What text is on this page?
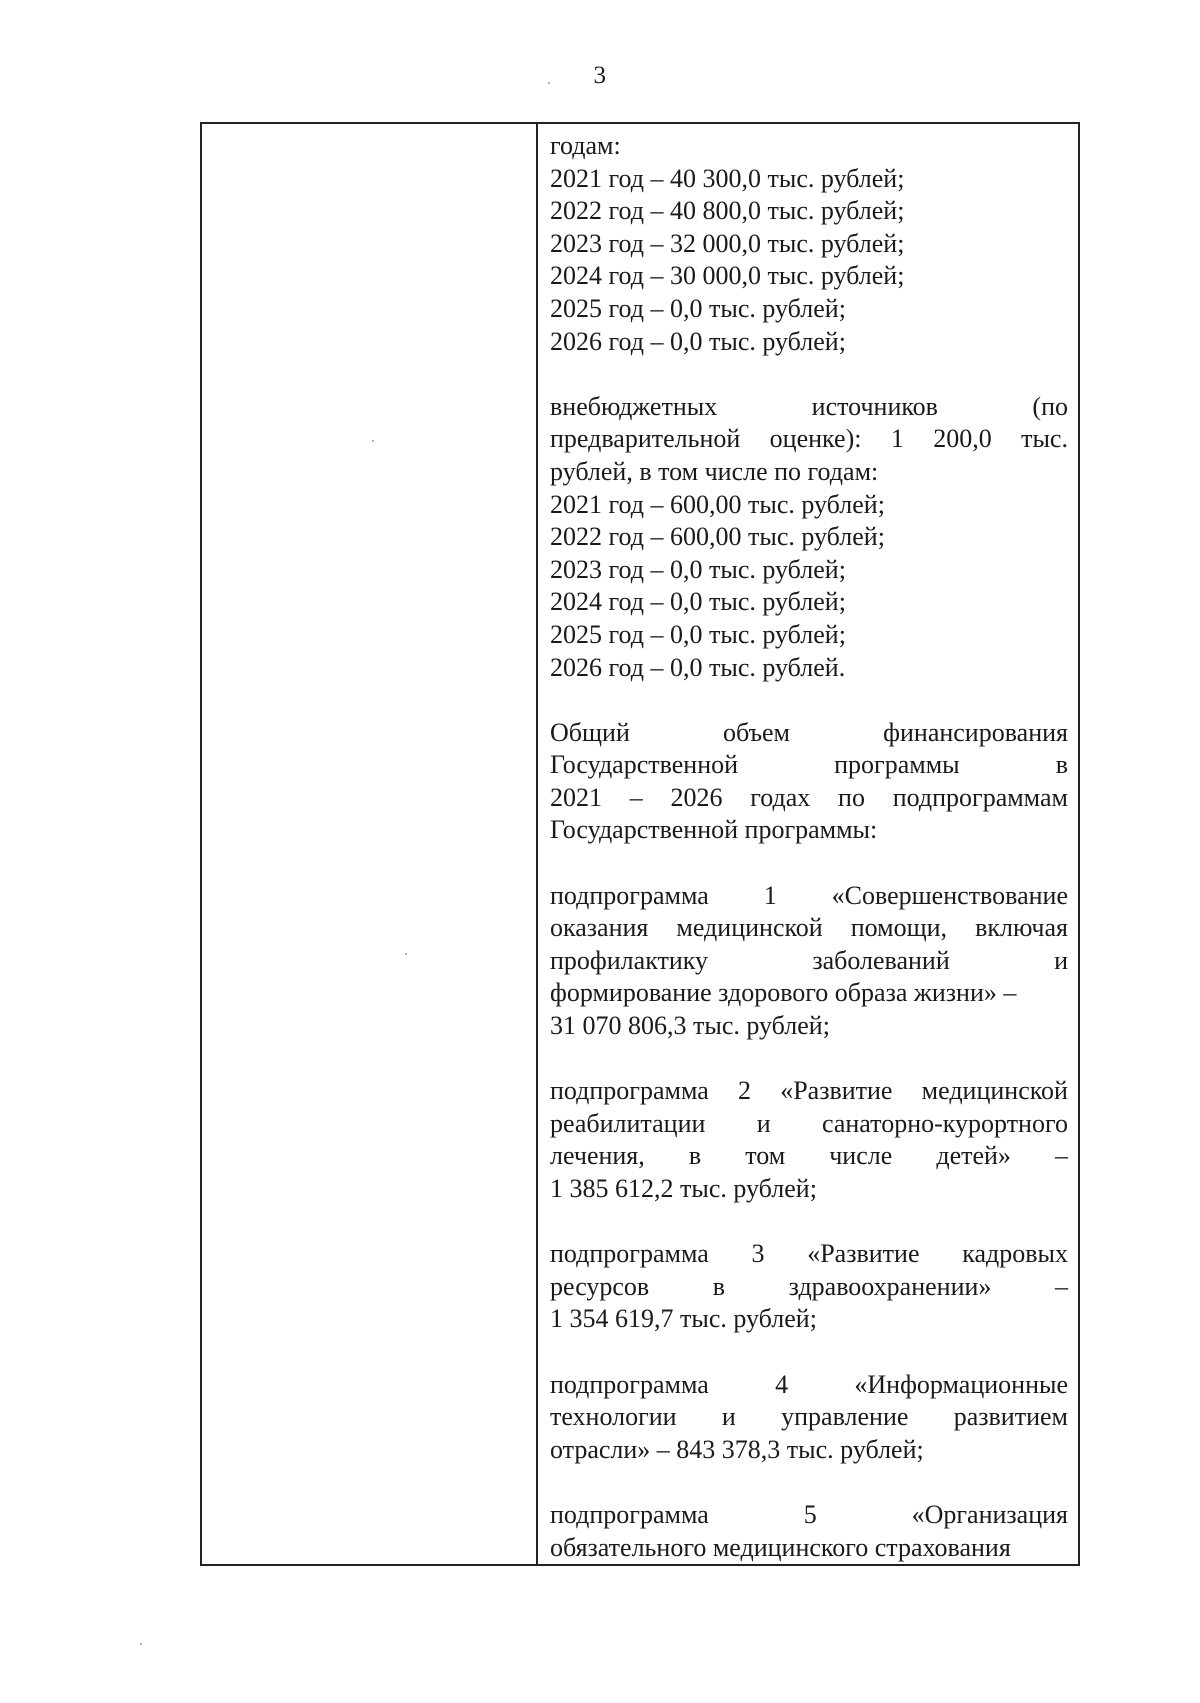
3

годам:

2021 год – 40 300,0 тыс. рублей;

2022 год – 40 800,0 тыс. рублей;

2023 год – 32 000,0 тыс. рублей;

2024 год – 30 000,0 тыс. рублей;

2025 год – 0,0 тыс. рублей;

2026 год – 0,0 тыс. рублей;

внебюджетных	источников	(по
предварительной оценке): 1 200,0 тыс.

рублей, в том числе по годам:

2021 год – 600,00 тыс. рублей;

2022 год – 600,00 тыс. рублей;

2023 год – 0,0 тыс. рублей;

2024 год – 0,0 тыс. рублей;

2025 год – 0,0 тыс. рублей;

2026 год – 0,0 тыс. рублей.

Общий	объем	финансирования
Государственной	программы	в
2021 – 2026 годах по подпрограммам

Государственной программы:

подпрограмма 1 «Совершенствование
оказания медицинской помощи, включая
профилактику	заболеваний	и

формирование здорового образа жизни» –

31 070 806,3 тыс. рублей;

подпрограмма 2 «Развитие медицинской
реабилитации и санаторно-курортного
лечения, в том числе детей» –

1 385 612,2 тыс. рублей;

подпрограмма 3 «Развитие кадровых
ресурсов в здравоохранении» –

1 354 619,7 тыс. рублей;

подпрограмма	4	«Информационные
технологии и управление развитием

отрасли» – 843 378,3 тыс. рублей;

подпрограмма	5	«Организация

обязательного медицинского страхования
